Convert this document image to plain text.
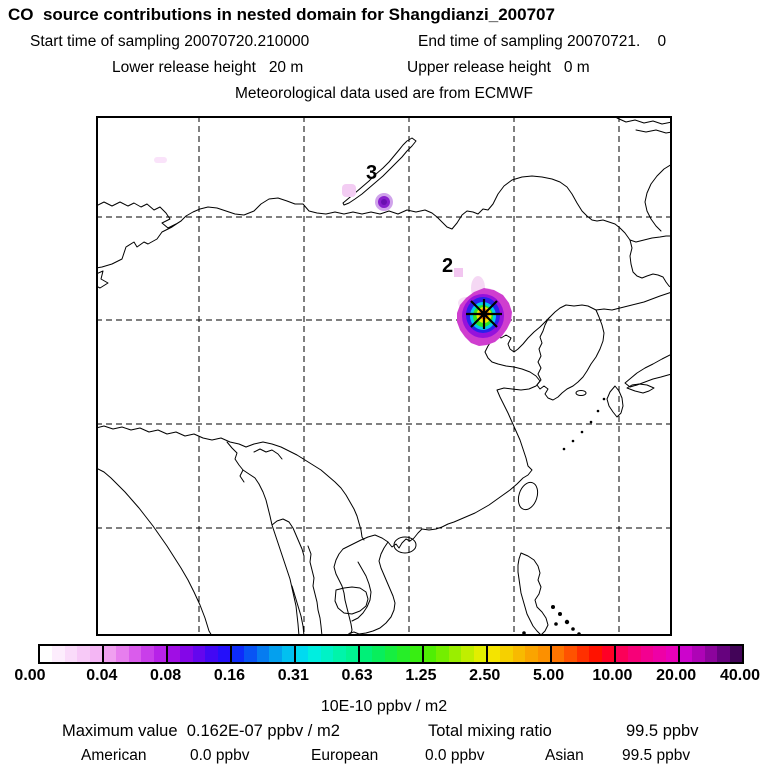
CO  source contributions in nested domain for Shangdianzi_200707
Start time of sampling 20070720.210000	End time of sampling 20070721.    0
Lower release height   20 m	Upper release height   0 m
Meteorological data used are from ECMWF
3
2
0.00	0.04 0.08 0.16 0.31 0.63 1.25 2.50 5.00 10.00 20.00 40.00
10E-10 ppbv / m2
Maximum value  0.162E-07 ppbv / m2	Total mixing ratio	99.5 ppbv
American	0.0 ppbv	European	0.0 ppbv	Asian 99.5 ppbv
